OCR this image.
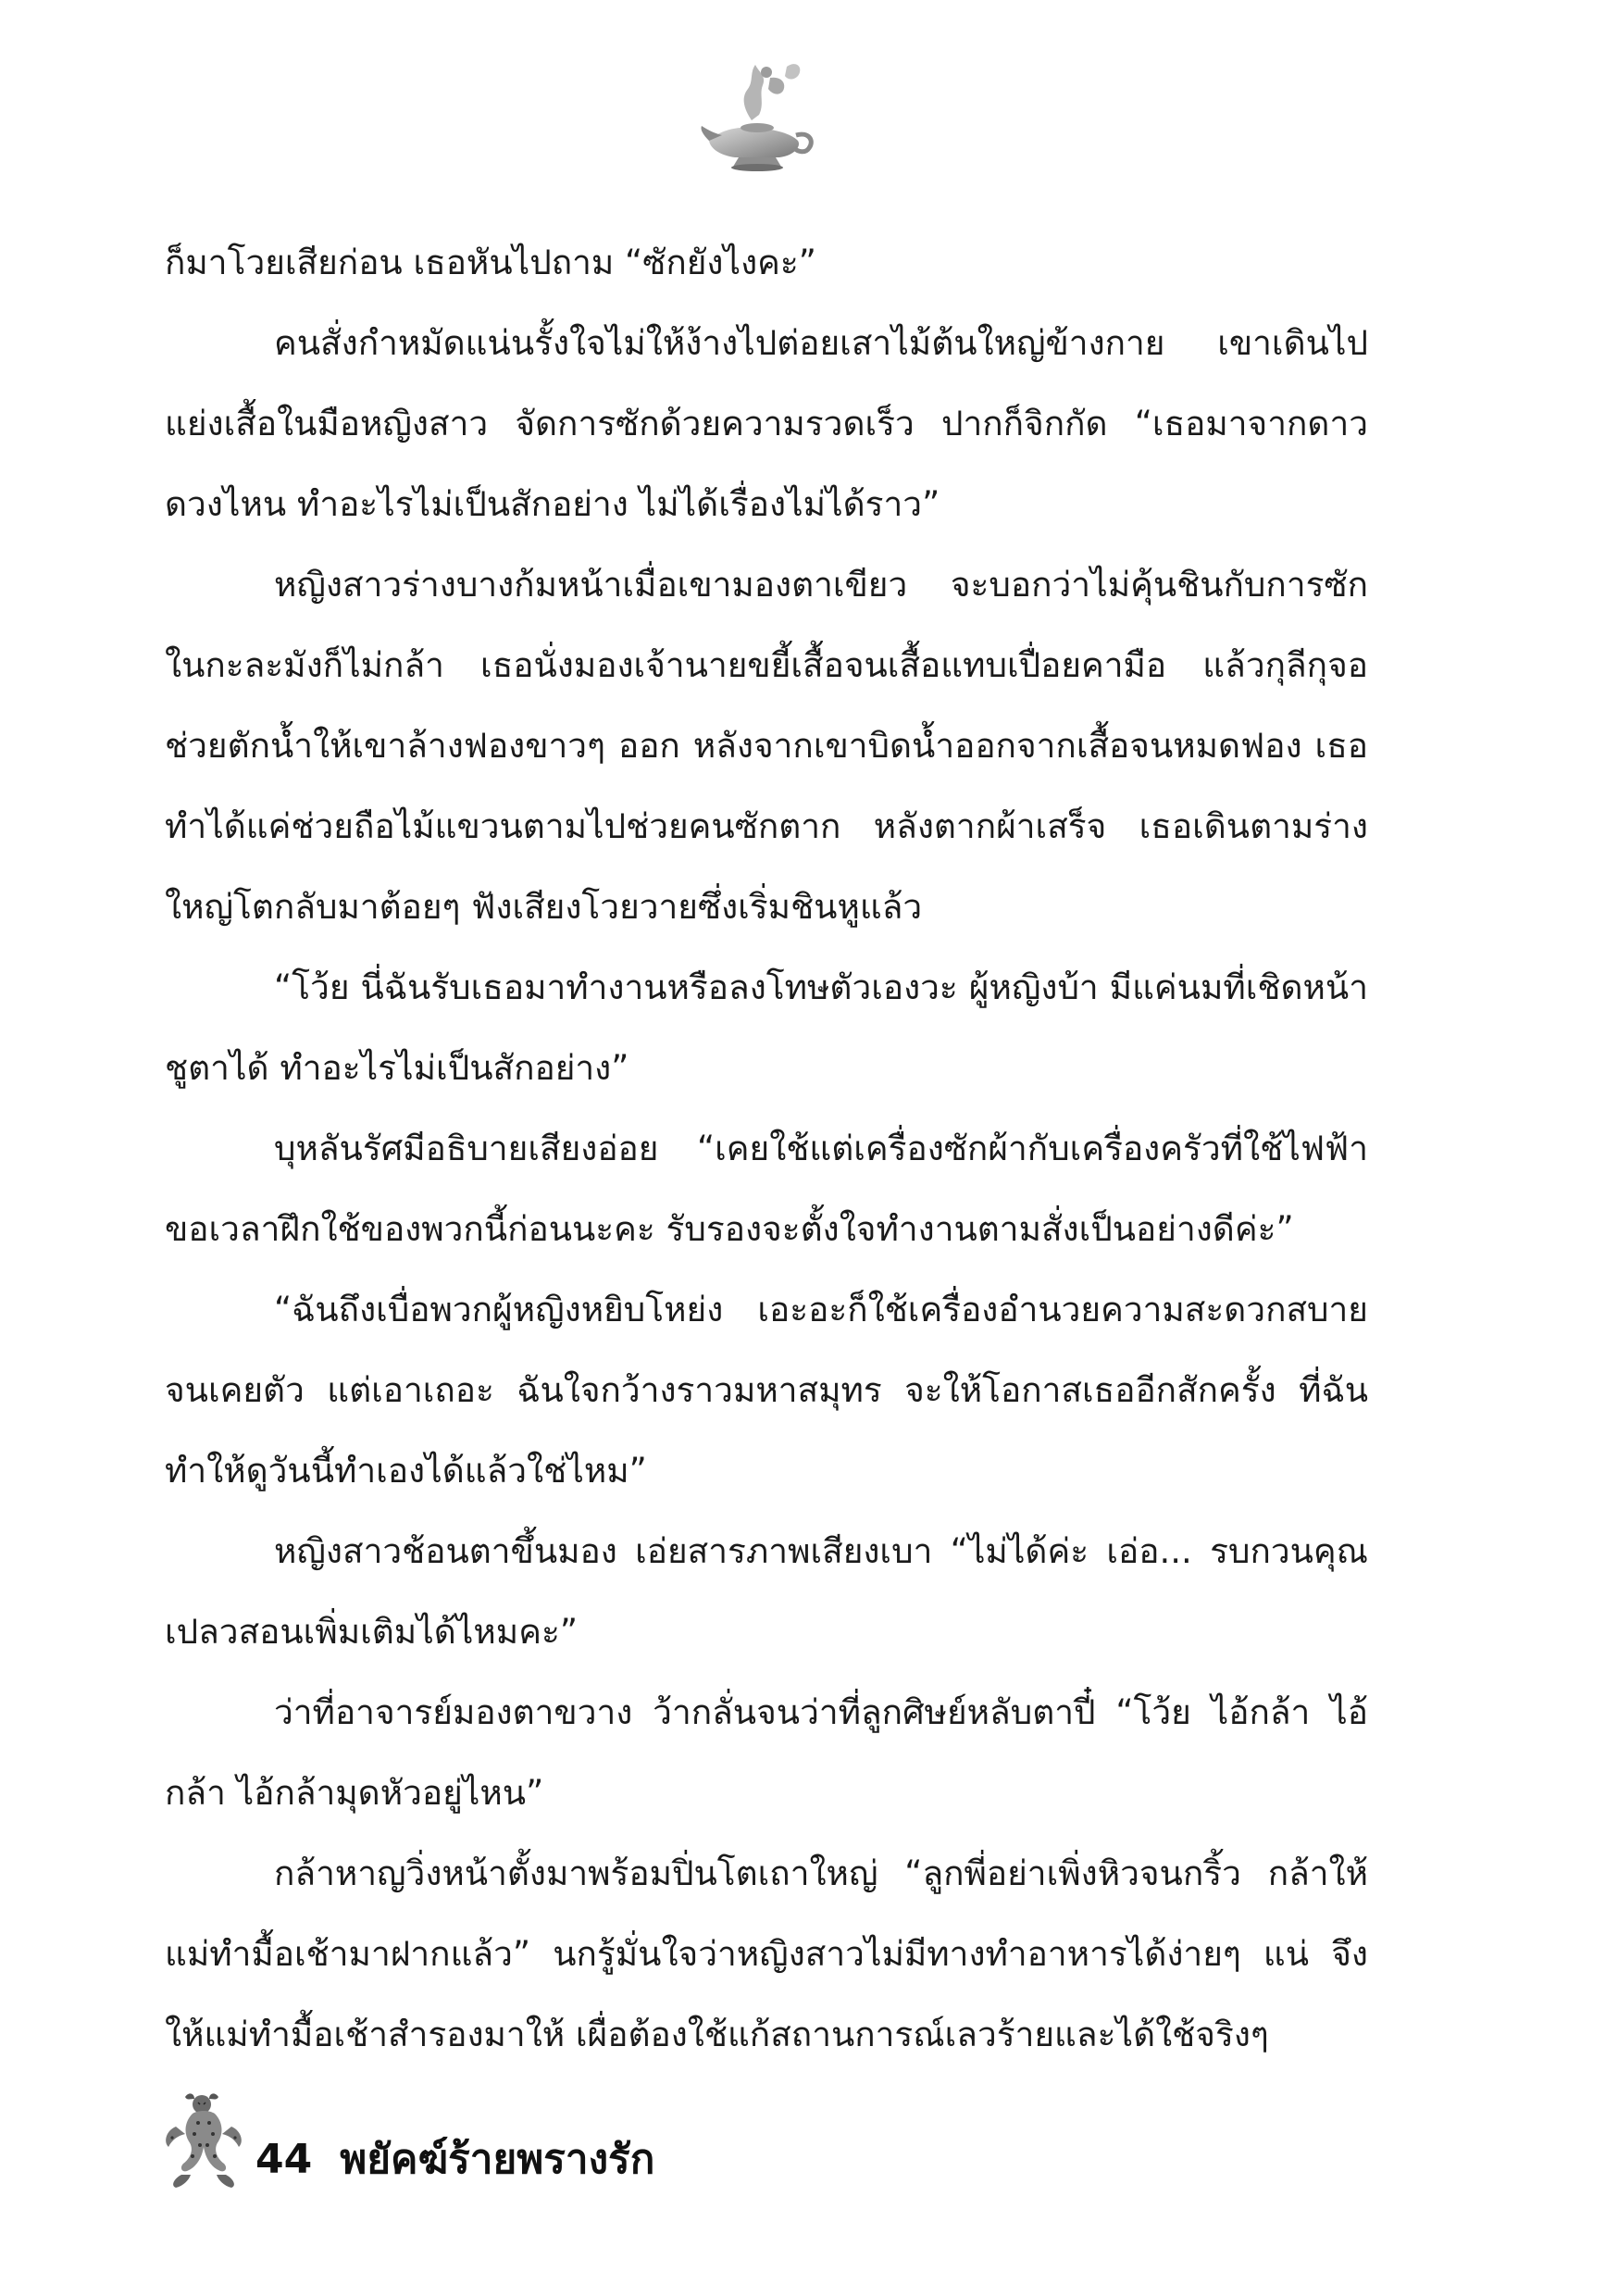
ก็มาโวยเสียก่อน เธอหันไปถาม “ซักยังไงคะ”

คนสั่งกำหมัดแน่นรั้งใจไม่ให้ง้างไปต่อยเสาไม้ต้นใหญ่ข้างกาย เขาเดินไปแย่งเสื้อในมือหญิงสาว จัดการซักด้วยความรวดเร็ว ปากก็จิกกัด “เธอมาจากดาวดวงไหน ทำอะไรไม่เป็นสักอย่าง ไม่ได้เรื่องไม่ได้ราว”

หญิงสาวร่างบางก้มหน้าเมื่อเขามองตาเขียว จะบอกว่าไม่คุ้นชินกับการซักในกะละมังก็ไม่กล้า เธอนั่งมองเจ้านายขยี้เสื้อจนเสื้อแทบเปื่อยคามือ แล้วกุลีกุจอช่วยตักน้ำให้เขาล้างฟองขาวๆ ออก หลังจากเขาบิดน้ำออกจากเสื้อจนหมดฟอง เธอทำได้แค่ช่วยถือไม้แขวนตามไปช่วยคนซักตาก หลังตากผ้าเสร็จ เธอเดินตามร่างใหญ่โตกลับมาต้อยๆ ฟังเสียงโวยวายซึ่งเริ่มชินหูแล้ว

“โว้ย นี่ฉันรับเธอมาทำงานหรือลงโทษตัวเองวะ ผู้หญิงบ้า มีแค่นมที่เชิดหน้าชูตาได้ ทำอะไรไม่เป็นสักอย่าง”

บุหลันรัศมีอธิบายเสียงอ่อย “เคยใช้แต่เครื่องซักผ้ากับเครื่องครัวที่ใช้ไฟฟ้า ขอเวลาฝึกใช้ของพวกนี้ก่อนนะคะ รับรองจะตั้งใจทำงานตามสั่งเป็นอย่างดีค่ะ”

“ฉันถึงเบื่อพวกผู้หญิงหยิบโหย่ง เอะอะก็ใช้เครื่องอำนวยความสะดวกสบายจนเคยตัว แต่เอาเถอะ ฉันใจกว้างราวมหาสมุทร จะให้โอกาสเธออีกสักครั้ง ที่ฉันทำให้ดูวันนี้ทำเองได้แล้วใช่ไหม”

หญิงสาวช้อนตาขึ้นมอง เอ่ยสารภาพเสียงเบา “ไม่ได้ค่ะ เอ่อ... รบกวนคุณเปลวสอนเพิ่มเติมได้ไหมคะ”

ว่าที่อาจารย์มองตาขวาง ว้ากลั่นจนว่าที่ลูกศิษย์หลับตาปี๋ “โว้ย ไอ้กล้า ไอ้กล้า ไอ้กล้ามุดหัวอยู่ไหน”

กล้าหาญวิ่งหน้าตั้งมาพร้อมปิ่นโตเถาใหญ่ “ลูกพี่อย่าเพิ่งหิวจนกริ้ว กล้าให้แม่ทำมื้อเช้ามาฝากแล้ว” นกรู้มั่นใจว่าหญิงสาวไม่มีทางทำอาหารได้ง่ายๆ แน่ จึงให้แม่ทำมื้อเช้าสำรองมาให้ เผื่อต้องใช้แก้สถานการณ์เลวร้ายและได้ใช้จริงๆ

44 พยัคฆ์ร้ายพรางรัก
